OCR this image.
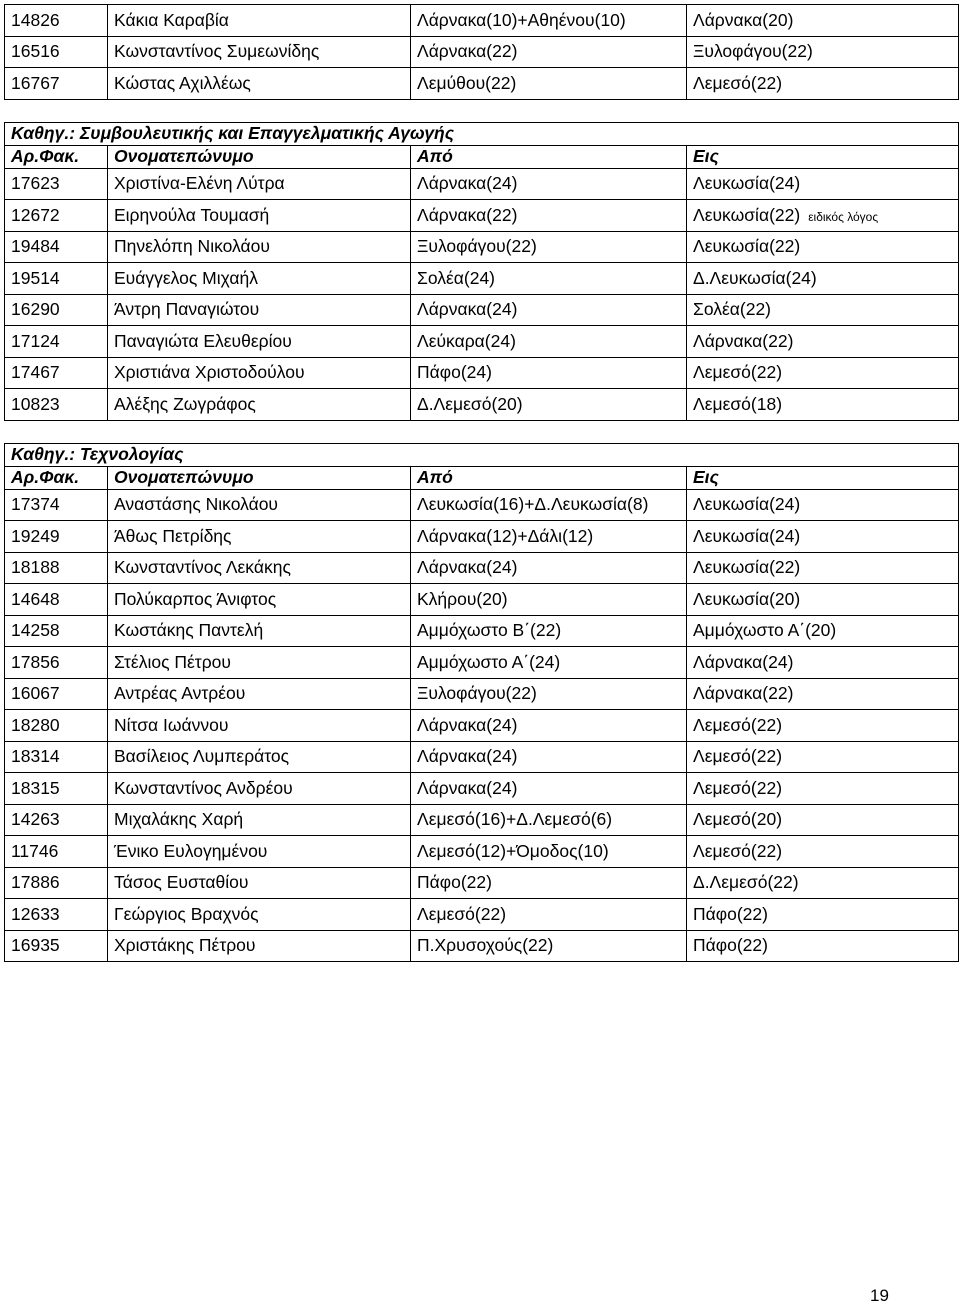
14826	Κάκια Καραβία	Λάρνακα(10)+Αθηένου(10)	Λάρνακα(20)
16516	Κωνσταντίνος Συμεωνίδης	Λάρνακα(22)	Ξυλοφάγου(22)
16767	Κώστας Αχιλλέως	Λεμύθου(22)	Λεμεσό(22)

Καθηγ.: Συμβουλευτικής και Επαγγελματικής Αγωγής			
Αρ.Φακ.	Ονοματεπώνυμο	Από	Εις
17623	Χριστίνα-Ελένη Λύτρα	Λάρνακα(24)	Λευκωσία(24)
12672	Ειρηνούλα Τουμασή	Λάρνακα(22)	Λευκωσία(22) ειδικός λόγος
19484	Πηνελόπη Νικολάου	Ξυλοφάγου(22)	Λευκωσία(22)
19514	Ευάγγελος Μιχαήλ	Σολέα(24)	Δ.Λευκωσία(24)
16290	Άντρη Παναγιώτου	Λάρνακα(24)	Σολέα(22)
17124	Παναγιώτα Ελευθερίου	Λεύκαρα(24)	Λάρνακα(22)
17467	Χριστιάνα Χριστοδούλου	Πάφο(24)	Λεμεσό(22)
10823	Αλέξης Ζωγράφος	Δ.Λεμεσό(20)	Λεμεσό(18)

Καθηγ.: Τεχνολογίας			
Αρ.Φακ.	Ονοματεπώνυμο	Από	Εις
17374	Αναστάσης Νικολάου	Λευκωσία(16)+Δ.Λευκωσία(8)	Λευκωσία(24)
19249	Άθως Πετρίδης	Λάρνακα(12)+Δάλι(12)	Λευκωσία(24)
18188	Κωνσταντίνος Λεκάκης	Λάρνακα(24)	Λευκωσία(22)
14648	Πολύκαρπος Άνιφτος	Κλήρου(20)	Λευκωσία(20)
14258	Κωστάκης Παντελή	Αμμόχωστο Β΄(22)	Αμμόχωστο Α΄(20)
17856	Στέλιος Πέτρου	Αμμόχωστο Α΄(24)	Λάρνακα(24)
16067	Αντρέας Αντρέου	Ξυλοφάγου(22)	Λάρνακα(22)
18280	Νίτσα Ιωάννου	Λάρνακα(24)	Λεμεσό(22)
18314	Βασίλειος Λυμπεράτος	Λάρνακα(24)	Λεμεσό(22)
18315	Κωνσταντίνος Ανδρέου	Λάρνακα(24)	Λεμεσό(22)
14263	Μιχαλάκης Χαρή	Λεμεσό(16)+Δ.Λεμεσό(6)	Λεμεσό(20)
11746	Ένικο Ευλογημένου	Λεμεσό(12)+Όμοδος(10)	Λεμεσό(22)
17886	Τάσος Ευσταθίου	Πάφο(22)	Δ.Λεμεσό(22)
12633	Γεώργιος Βραχνός	Λεμεσό(22)	Πάφο(22)
16935	Χριστάκης Πέτρου	Π.Χρυσοχούς(22)	Πάφο(22)
19
